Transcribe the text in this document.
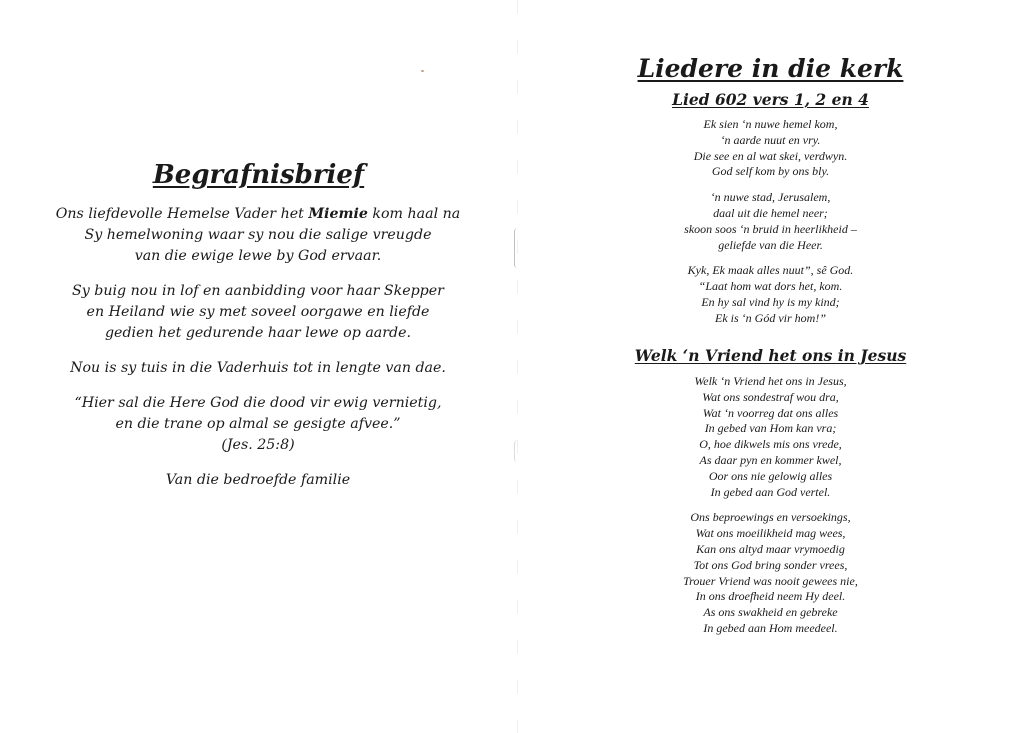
Begrafnisbrief

Ons liefdevolle Hemelse Vader het Miemie kom haal na
Sy hemelwoning waar sy nou die salige vreugde
van die ewige lewe by God ervaar.

Sy buig nou in lof en aanbidding voor haar Skepper
en Heiland wie sy met soveel oorgawe en liefde
gedien het gedurende haar lewe op aarde.

Nou is sy tuis in die Vaderhuis tot in lengte van dae.

“Hier sal die Here God die dood vir ewig vernietig,
en die trane op almal se gesigte afvee.”
(Jes. 25:8)

Van die bedroefde familie

Liedere in die kerk
Lied 602 vers 1, 2 en 4

Ek sien ‘n nuwe hemel kom,
‘n aarde nuut en vry.
Die see en al wat skei, verdwyn.
God self kom by ons bly.

‘n nuwe stad, Jerusalem,
daal uit die hemel neer;
skoon soos ‘n bruid in heerlikheid –
geliefde van die Heer.

Kyk, Ek maak alles nuut”, sê God.
“Laat hom wat dors het, kom.
En hy sal vind hy is my kind;
Ek is ‘n Gód vir hom!”

Welk ‘n Vriend het ons in Jesus

Welk ‘n Vriend het ons in Jesus,
Wat ons sondestraf wou dra,
Wat ‘n voorreg dat ons alles
In gebed van Hom kan vra;
O, hoe dikwels mis ons vrede,
As daar pyn en kommer kwel,
Oor ons nie gelowig alles
In gebed aan God vertel.

Ons beproewings en versoekings,
Wat ons moeilikheid mag wees,
Kan ons altyd maar vrymoedig
Tot ons God bring sonder vrees,
Trouer Vriend was nooit gewees nie,
In ons droefheid neem Hy deel.
As ons swakheid en gebreke
In gebed aan Hom meedeel.
